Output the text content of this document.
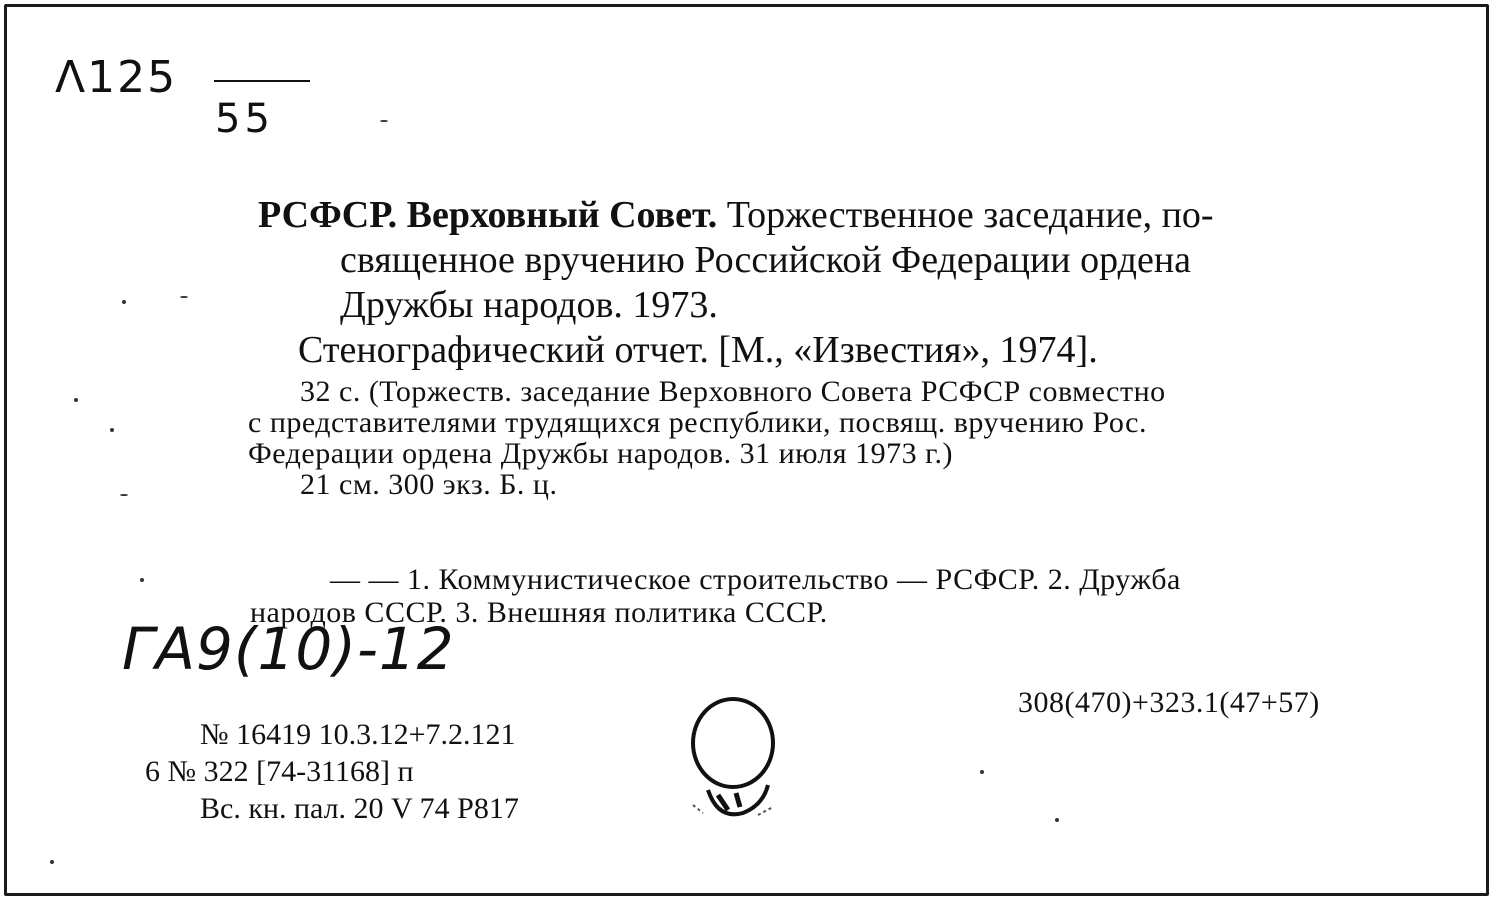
Λ125
55
РСФСР. Верховный Совет. Торжественное заседание, по-
священное вручению Российской Федерации ордена
Дружбы народов. 1973.
Стенографический отчет. [М., «Известия», 1974].
32 с. (Торжеств. заседание Верховного Совета РСФСР совместно
с представителями трудящихся республики, посвящ. вручению Рос.
Федерации ордена Дружбы народов. 31 июля 1973 г.)
21 см. 300 экз. Б. ц.
— — 1. Коммунистическое строительство — РСФСР. 2. Дружба
народов СССР. 3. Внешняя политика СССР.
ГА9(10)-12
308(470)+323.1(47+57)
№ 16419 10.3.12+7.2.121
6 № 322 [74-31168] п
Вс. кн. пал. 20 V 74 Р817
